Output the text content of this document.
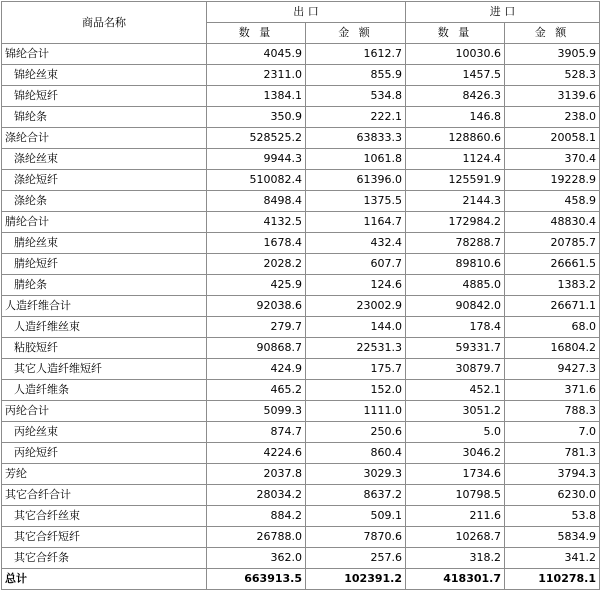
商品名称	出 口		进 口	
	数 量	金 额	数 量	金 额
锦纶合计	4045.9	1612.7	10030.6	3905.9
锦纶丝束	2311.0	855.9	1457.5	528.3
锦纶短纤	1384.1	534.8	8426.3	3139.6
锦纶条	350.9	222.1	146.8	238.0
涤纶合计	528525.2	63833.3	128860.6	20058.1
涤纶丝束	9944.3	1061.8	1124.4	370.4
涤纶短纤	510082.4	61396.0	125591.9	19228.9
涤纶条	8498.4	1375.5	2144.3	458.9
腈纶合计	4132.5	1164.7	172984.2	48830.4
腈纶丝束	1678.4	432.4	78288.7	20785.7
腈纶短纤	2028.2	607.7	89810.6	26661.5
腈纶条	425.9	124.6	4885.0	1383.2
人造纤维合计	92038.6	23002.9	90842.0	26671.1
人造纤维丝束	279.7	144.0	178.4	68.0
粘胶短纤	90868.7	22531.3	59331.7	16804.2
其它人造纤维短纤	424.9	175.7	30879.7	9427.3
人造纤维条	465.2	152.0	452.1	371.6
丙纶合计	5099.3	1111.0	3051.2	788.3
丙纶丝束	874.7	250.6	5.0	7.0
丙纶短纤	4224.6	860.4	3046.2	781.3
芳纶	2037.8	3029.3	1734.6	3794.3
其它合纤合计	28034.2	8637.2	10798.5	6230.0
其它合纤丝束	884.2	509.1	211.6	53.8
其它合纤短纤	26788.0	7870.6	10268.7	5834.9
其它合纤条	362.0	257.6	318.2	341.2
总计	663913.5	102391.2	418301.7	110278.1
